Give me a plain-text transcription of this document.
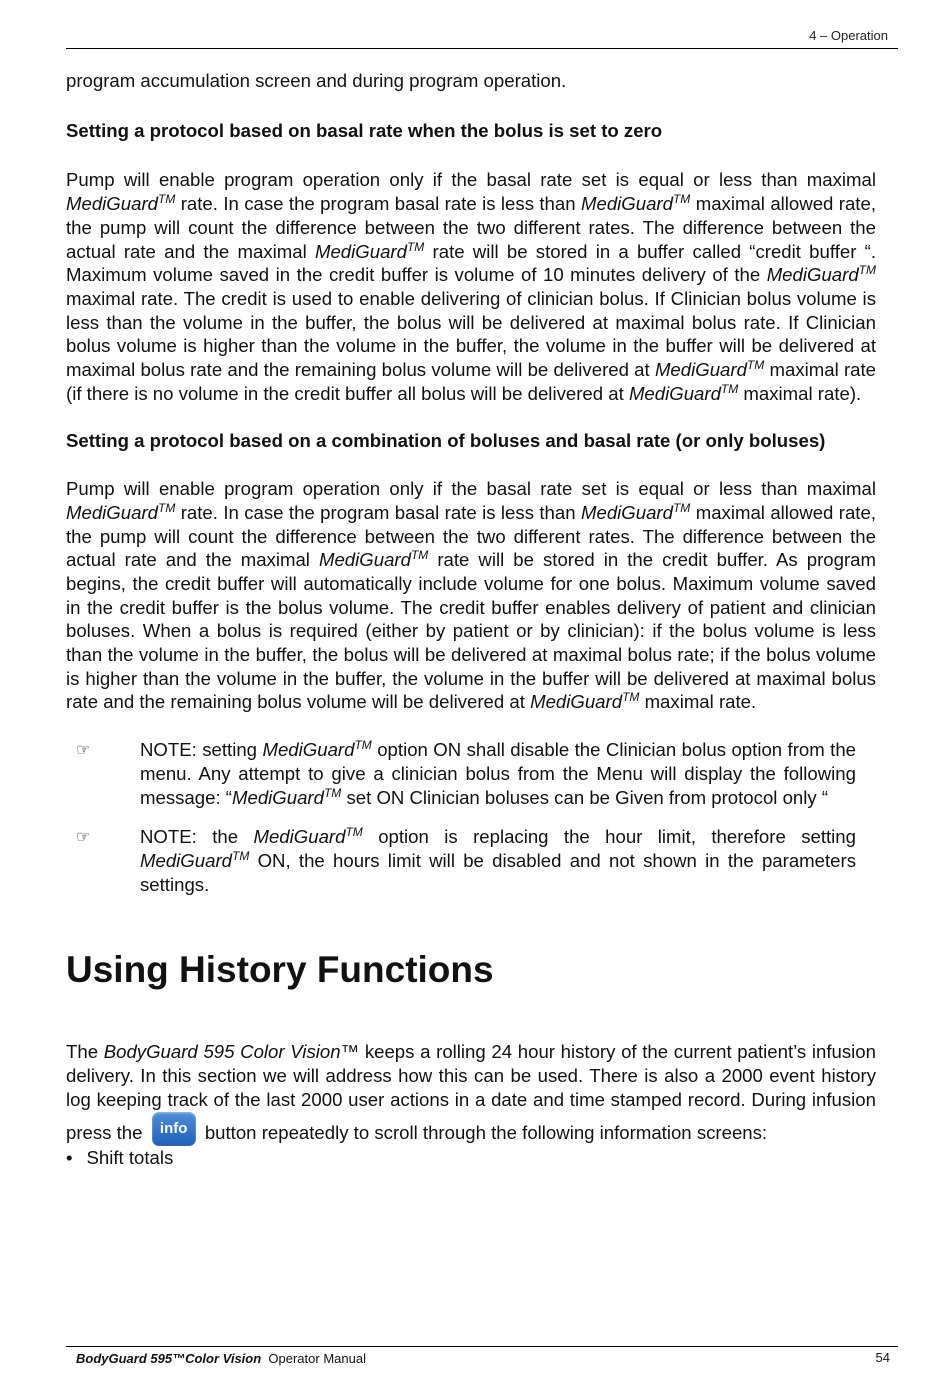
4 – Operation

program accumulation screen and during program operation.

Setting a protocol based on basal rate when the bolus is set to zero

Pump will enable program operation only if the basal rate set is equal or less than maximal MediGuard™ rate. In case the program basal rate is less than MediGuard™ maximal allowed rate, the pump will count the difference between the two different rates. The difference between the actual rate and the maximal MediGuard™ rate will be stored in a buffer called “credit buffer “. Maximum volume saved in the credit buffer is volume of 10 minutes delivery of the MediGuard™ maximal rate. The credit is used to enable delivering of clinician bolus. If Clinician bolus volume is less than the volume in the buffer, the bolus will be delivered at maximal bolus rate. If Clinician bolus volume is higher than the volume in the buffer, the volume in the buffer will be delivered at maximal bolus rate and the remaining bolus volume will be delivered at MediGuard™ maximal rate (if there is no volume in the credit buffer all bolus will be delivered at MediGuard™ maximal rate).

Setting a protocol based on a combination of boluses and basal rate (or only boluses)

Pump will enable program operation only if the basal rate set is equal or less than maximal MediGuard™ rate. In case the program basal rate is less than MediGuard™ maximal allowed rate, the pump will count the difference between the two different rates. The difference between the actual rate and the maximal MediGuard™ rate will be stored in the credit buffer. As program begins, the credit buffer will automatically include volume for one bolus. Maximum volume saved in the credit buffer is the bolus volume. The credit buffer enables delivery of patient and clinician boluses. When a bolus is required (either by patient or by clinician): if the bolus volume is less than the volume in the buffer, the bolus will be delivered at maximal bolus rate; if the bolus volume is higher than the volume in the buffer, the volume in the buffer will be delivered at maximal bolus rate and the remaining bolus volume will be delivered at MediGuard™ maximal rate.

☞	NOTE: setting MediGuard™ option ON shall disable the Clinician bolus option from the menu. Any attempt to give a clinician bolus from the Menu will display the following message: “MediGuard™ set ON Clinician boluses can be Given from protocol only “

☞	NOTE: the MediGuard™ option is replacing the hour limit, therefore setting MediGuard™ ON, the hours limit will be disabled and not shown in the parameters settings.

Using History Functions

The BodyGuard 595 Color Vision™ keeps a rolling 24 hour history of the current patient’s infusion delivery. In this section we will address how this can be used. There is also a 2000 event history log keeping track of the last 2000 user actions in a date and time stamped record. During infusion press the info button repeatedly to scroll through the following information screens:

• Shift totals
BodyGuard 595™Color Vision Operator Manual	54
